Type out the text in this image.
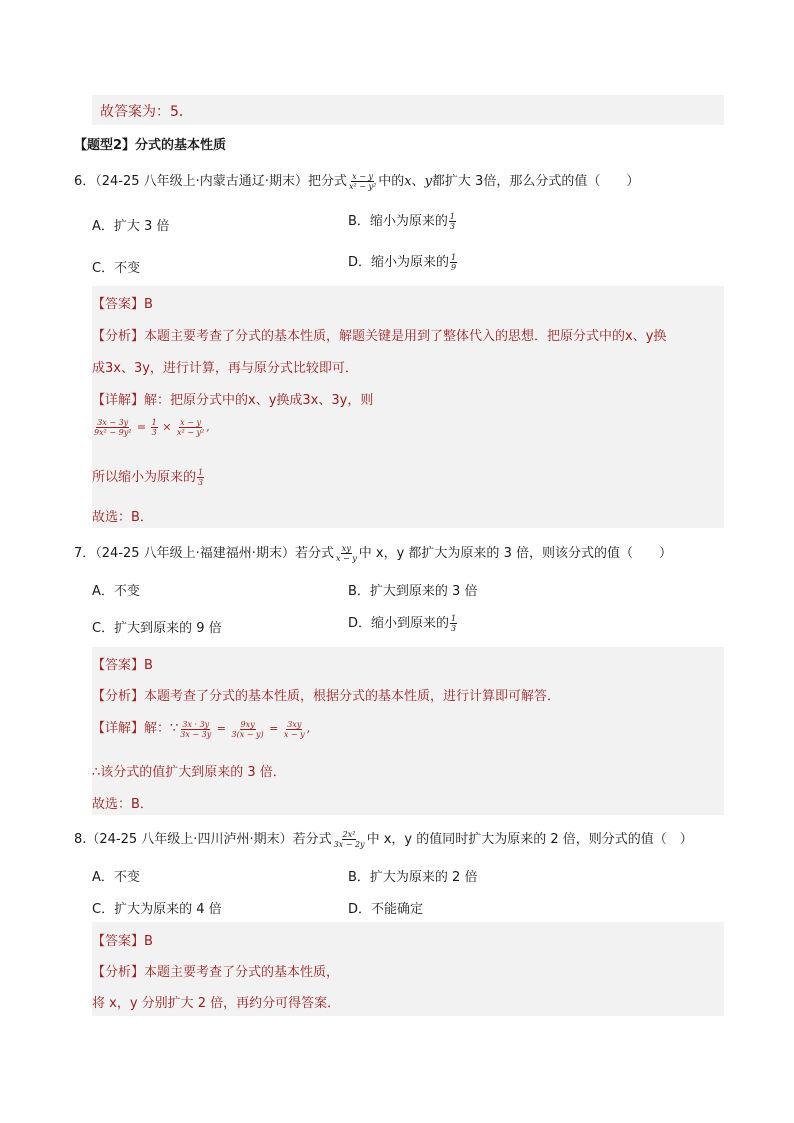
故答案为：5．
【题型2】分式的基本性质
6．（24-25 八年级上·内蒙古通辽·期末）把分式 $\frac{x - y}{\text{x² − y²}}$ 中的x、y都扩大 3倍，那么分式的值（　　）
A．扩大 3 倍	B．缩小为原来的 $\frac{1}{3}$
C．不变	D．缩小为原来的 $\frac{1}{9}$
【答案】B
【分析】本题主要考查了分式的基本性质，解题关键是用到了整体代入的思想．把原分式中的x、y换
成3x、3y，进行计算，再与原分式比较即可．
【详解】解：把原分式中的x、y换成3x、3y，则
$\frac{3x - 3y}{\text{9x² − 9y²}} = \frac{1}{3} \times \frac{x - y}{\text{x² − y²}}$ ,
所以缩小为原来的 $\frac{1}{3}$
故选：B．
7．（24-25 八年级上·福建福州·期末）若分式 $\frac{xy}{x - y}$ 中 x，y 都扩大为原来的 3 倍，则该分式的值（　　）
A．不变	B．扩大到原来的 3 倍
C．扩大到原来的 9 倍	D．缩小到原来的 $\frac{1}{3}$
【答案】B
【分析】本题考查了分式的基本性质，根据分式的基本性质，进行计算即可解答．
【详解】解：∵ $\frac{3x \cdot 3y}{3x - 3y} = \frac{9xy}{3(x - y)} = \frac{3xy}{x - y}$ ,
∴该分式的值扩大到原来的 3 倍．
故选：B．
8.（24-25 八年级上·四川泸州·期末）若分式 $\frac{\text{2x²}}{3x - 2y}$ 中 x，y 的值同时扩大为原来的 2 倍，则分式的值（　）
A．不变	B．扩大为原来的 2 倍
C．扩大为原来的 4 倍	D．不能确定
【答案】B
【分析】本题主要考查了分式的基本性质，
将 x，y 分别扩大 2 倍，再约分可得答案．
